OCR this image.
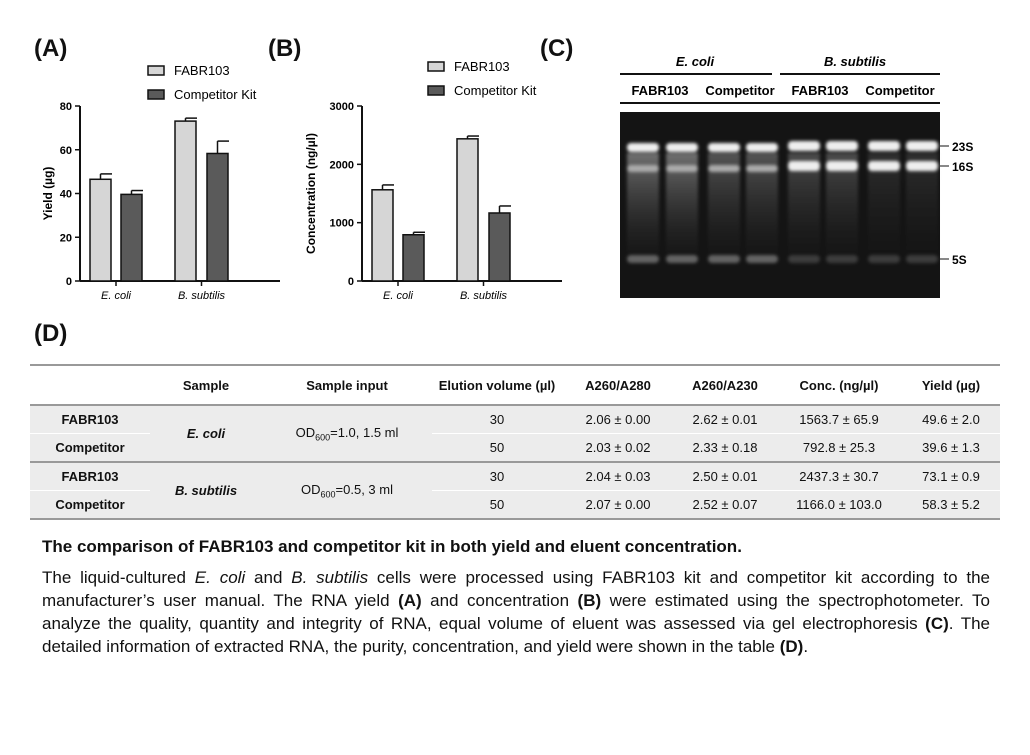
(A)	(B)	(C)
(D)
FABR103
Competitor Kit
0
20
40
60
80
Yield (µg)
E. coli	B. subtilis
FABR103
Competitor Kit
0
1000
2000
3000
Concentration (ng/µl)
E. coli	B. subtilis
E. coli	B. subtilis
FABR103 Competitor FABR103 Competitor
23S
16S
5S
	Sample	Sample input	Elution volume (µl)	A260/A280	A260/A230	Conc. (ng/µl)	Yield (µg)
FABR103	E. coli	$OD_{600}=1.0$, 1.5 ml	30	2.06 ± 0.00	2.62 ± 0.01	1563.7 ± 65.9	49.6 ± 2.0
Competitor			50	2.03 ± 0.02	2.33 ± 0.18	792.8 ± 25.3	39.6 ± 1.3
FABR103	B. subtilis	$OD_{600}=0.5$, 3 ml	30	2.04 ± 0.03	2.50 ± 0.01	2437.3 ± 30.7	73.1 ± 0.9
Competitor			50	2.07 ± 0.00	2.52 ± 0.07	1166.0 ± 103.0	58.3 ± 5.2
The comparison of FABR103 and competitor kit in both yield and eluent concentration.
The liquid-cultured E. coli and B. subtilis cells were processed using FABR103 kit and competitor kit according to the manufacturer’s user manual. The RNA yield (A) and concentration (B) were estimated using the spectrophotometer. To analyze the quality, quantity and integrity of RNA, equal volume of eluent was assessed via gel electrophoresis (C). The detailed information of extracted RNA, the purity, concentration, and yield were shown in the table (D).
